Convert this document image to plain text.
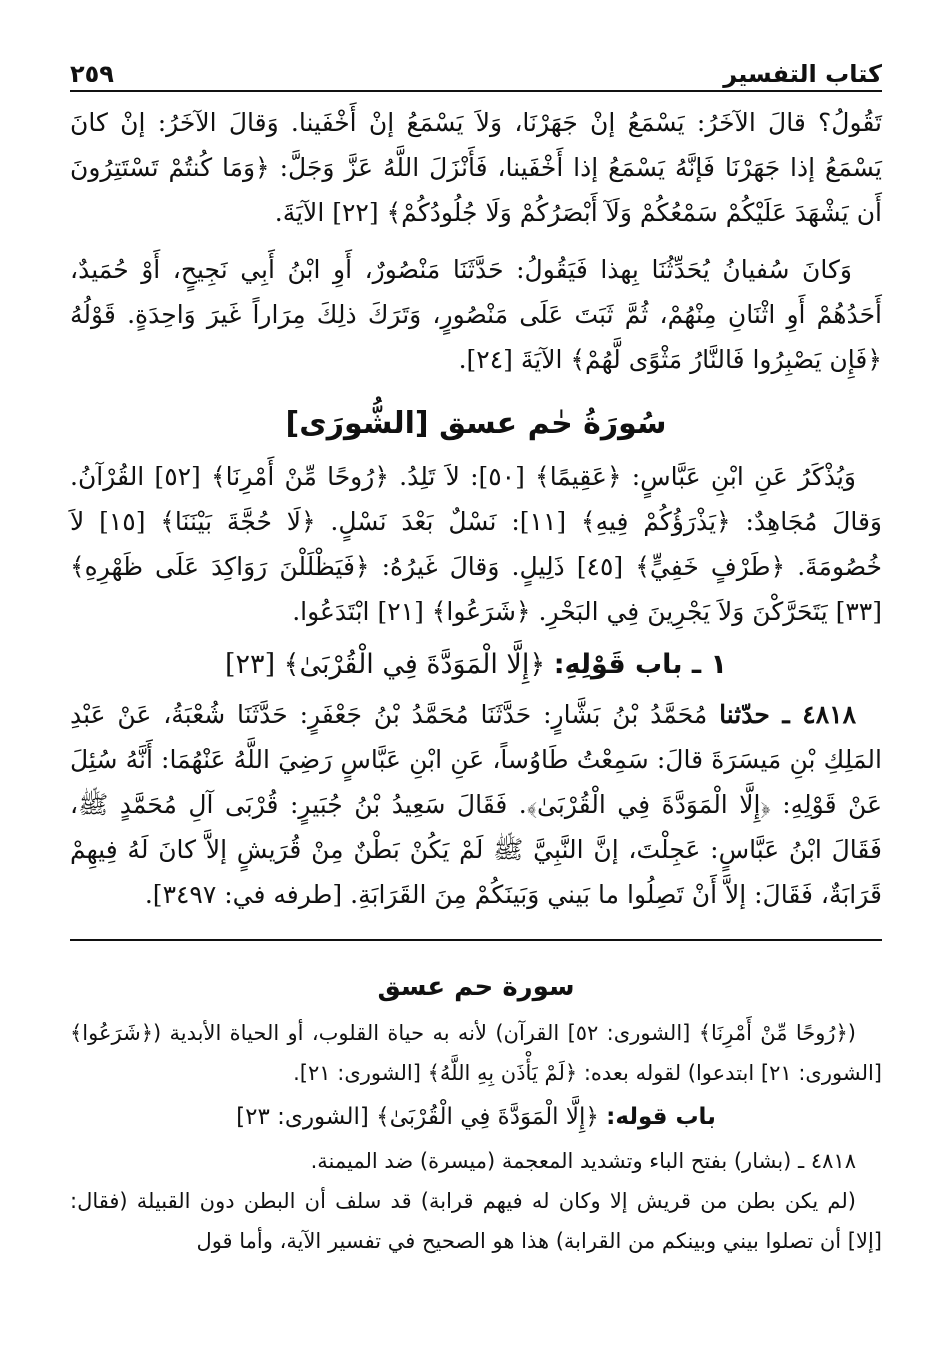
كتاب التفسير
٢٥٩

تَقُولُ؟ قالَ الآخَرُ: يَسْمَعُ إنْ جَهَرْنَا، وَلاَ يَسْمَعُ إنْ أَخْفَينا. وَقالَ الآخَرُ: إنْ كانَ يَسْمَعُ إذا جَهَرْنَا فَإنَّهُ يَسْمَعُ إذا أَخْفَينا، فَأَنْزَلَ اللَّهُ عَزَّ وَجَلَّ: ﴿وَمَا كُنتُمْ تَسْتَتِرُونَ أَن يَشْهَدَ عَلَيْكُمْ سَمْعُكُمْ وَلَآ أَبْصَرُكُمْ وَلَا جُلُودُكُمْ﴾ [٢٢] الآيَةَ.

وَكانَ سُفيانُ يُحَدِّثُنَا بِهذا فَيَقُولُ: حَدَّثَنَا مَنْصُورٌ، أَوِ ابْنُ أَبِي نَجِيحٍ، أَوْ حُمَيدٌ، أَحَدُهُمْ أَوِ اثْنَانِ مِنْهُمْ، ثُمَّ ثَبَتَ عَلَى مَنْصُورٍ، وَتَرَكَ ذلِكَ مِرَاراً غَيرَ وَاحِدَةٍ. قَوْلُهُ ﴿فَإِن يَصْبِرُوا فَالنَّارُ مَثْوًى لَّهُمْ﴾ الآيَةَ [٢٤].

سُورَةُ حٰم عسق [الشُّورَى]

وَيُذْكَرُ عَنِ ابْنِ عَبَّاسٍ: ﴿عَقِيمًا﴾ [٥٠]: لاَ تَلِدُ. ﴿رُوحًا مِّنْ أَمْرِنَا﴾ [٥٢] القُرْآنُ. وَقالَ مُجَاهِدٌ: ﴿يَذْرَؤُكُمْ فِيهِ﴾ [١١]: نَسْلٌ بَعْدَ نَسْلٍ. ﴿لَا حُجَّةَ بَيْنَنَا﴾ [١٥] لاَ خُصُومَةَ. ﴿طَرْفٍ خَفِيٍّ﴾ [٤٥] ذَلِيلٍ. وَقالَ غَيرُهُ: ﴿فَيَظْلَلْنَ رَوَاكِدَ عَلَى ظَهْرِهِ﴾ [٣٣] يَتَحَرَّكْنَ وَلاَ يَجْرِينَ فِي البَحْرِ. ﴿شَرَعُوا﴾ [٢١] ابْتَدَعُوا.

١ ـ باب قَوْلِهِ: ﴿إِلَّا الْمَوَدَّةَ فِي الْقُرْبَىٰ﴾ [٢٣]

٤٨١٨ ـ حدّثنا مُحَمَّدُ بْنُ بَشَّارٍ: حَدَّثَنَا مُحَمَّدُ بْنُ جَعْفَرٍ: حَدَّثَنَا شُعْبَةُ، عَنْ عَبْدِ المَلِكِ بْنِ مَيسَرَةَ قالَ: سَمِعْتُ طَاوُساً، عَنِ ابْنِ عَبَّاسٍ رَضِيَ اللَّهُ عَنْهُمَا: أَنَّهُ سُئِلَ عَنْ قَوْلِهِ: ﴿إِلَّا الْمَوَدَّةَ فِي الْقُرْبَىٰ﴾. فَقَالَ سَعِيدُ بْنُ جُبَيرٍ: قُرْبَى آلِ مُحَمَّدٍ ﷺ، فَقَالَ ابْنُ عَبَّاسٍ: عَجِلْتَ، إنَّ النَّبِيَّ ﷺ لَمْ يَكُنْ بَطْنٌ مِنْ قُرَيشٍ إلاَّ كانَ لَهُ فِيهِمْ قَرَابَةٌ، فَقَالَ: إلاَّ أَنْ تَصِلُوا ما بَيني وَبَينَكُمْ مِنَ القَرَابَةِ. [طرفه في: ٣٤٩٧].

سورة حم عسق

(﴿رُوحًا مِّنْ أَمْرِنَا﴾ [الشورى: ٥٢] القرآن) لأنه به حياة القلوب، أو الحياة الأبدية (﴿شَرَعُوا﴾ [الشورى: ٢١] ابتدعوا) لقوله بعده: ﴿لَمْ يَأْذَن بِهِ اللَّهُ﴾ [الشورى: ٢١].

باب قوله: ﴿إِلَّا الْمَوَدَّةَ فِي الْقُرْبَىٰ﴾ [الشورى: ٢٣]

٤٨١٨ ـ (بشار) بفتح الباء وتشديد المعجمة (ميسرة) ضد الميمنة.

(لم يكن بطن من قريش إلا وكان له فيهم قرابة) قد سلف أن البطن دون القبيلة (فقال: [إلا] أن تصلوا بيني وبينكم من القرابة) هذا هو الصحيح في تفسير الآية، وأما قول
